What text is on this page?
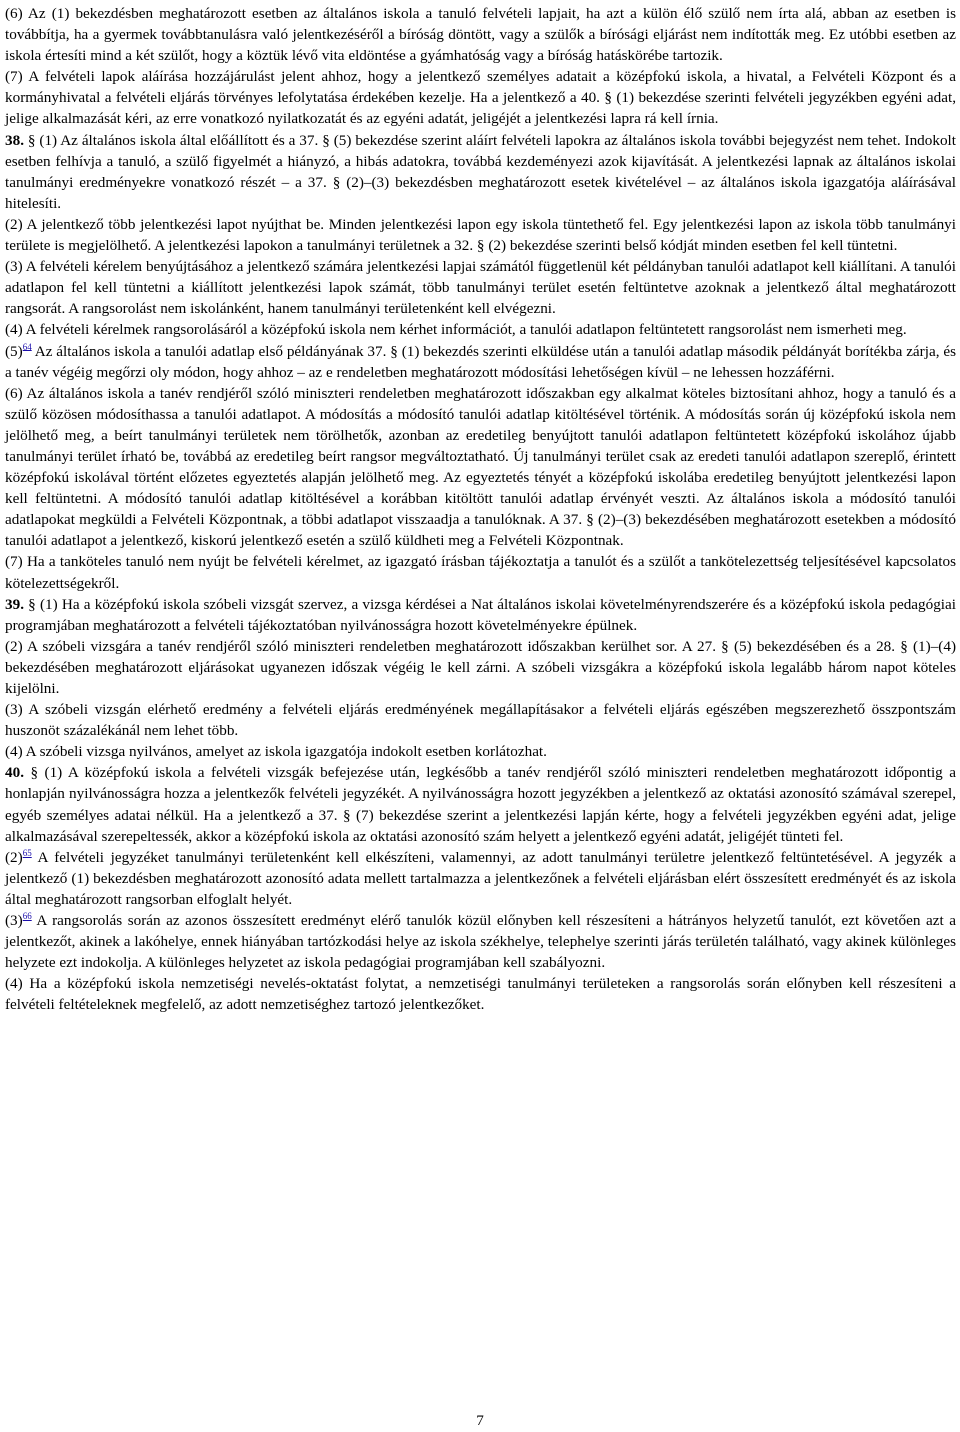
(6) Az (1) bekezdésben meghatározott esetben az általános iskola a tanuló felvételi lapjait, ha azt a külön élő szülő nem írta alá, abban az esetben is továbbítja, ha a gyermek továbbtanulásra való jelentkezéséről a bíróság döntött, vagy a szülők a bírósági eljárást nem indították meg. Ez utóbbi esetben az iskola értesíti mind a két szülőt, hogy a köztük lévő vita eldöntése a gyámhatóság vagy a bíróság hatáskörébe tartozik.

(7) A felvételi lapok aláírása hozzájárulást jelent ahhoz, hogy a jelentkező személyes adatait a középfokú iskola, a hivatal, a Felvételi Központ és a kormányhivatal a felvételi eljárás törvényes lefolytatása érdekében kezelje. Ha a jelentkező a 40. § (1) bekezdése szerinti felvételi jegyzékben egyéni adat, jelige alkalmazását kéri, az erre vonatkozó nyilatkozatát és az egyéni adatát, jeligéjét a jelentkezési lapra rá kell írnia.

38. § (1) Az általános iskola által előállított és a 37. § (5) bekezdése szerint aláírt felvételi lapokra az általános iskola további bejegyzést nem tehet. Indokolt esetben felhívja a tanuló, a szülő figyelmét a hiányzó, a hibás adatokra, továbbá kezdeményezi azok kijavítását. A jelentkezési lapnak az általános iskolai tanulmányi eredményekre vonatkozó részét – a 37. § (2)–(3) bekezdésben meghatározott esetek kivételével – az általános iskola igazgatója aláírásával hitelesíti.

(2) A jelentkező több jelentkezési lapot nyújthat be. Minden jelentkezési lapon egy iskola tüntethető fel. Egy jelentkezési lapon az iskola több tanulmányi területe is megjelölhető. A jelentkezési lapokon a tanulmányi területnek a 32. § (2) bekezdése szerinti belső kódját minden esetben fel kell tüntetni.

(3) A felvételi kérelem benyújtásához a jelentkező számára jelentkezési lapjai számától függetlenül két példányban tanulói adatlapot kell kiállítani. A tanulói adatlapon fel kell tüntetni a kiállított jelentkezési lapok számát, több tanulmányi terület esetén feltüntetve azoknak a jelentkező által meghatározott rangsorát. A rangsorolást nem iskolánként, hanem tanulmányi területenként kell elvégezni.

(4) A felvételi kérelmek rangsorolásáról a középfokú iskola nem kérhet információt, a tanulói adatlapon feltüntetett rangsorolást nem ismerheti meg.

$(5)^{64}$ Az általános iskola a tanulói adatlap első példányának 37. § (1) bekezdés szerinti elküldése után a tanulói adatlap második példányát borítékba zárja, és a tanév végéig megőrzi oly módon, hogy ahhoz – az e rendeletben meghatározott módosítási lehetőségen kívül – ne lehessen hozzáférni.

(6) Az általános iskola a tanév rendjéről szóló miniszteri rendeletben meghatározott időszakban egy alkalmat köteles biztosítani ahhoz, hogy a tanuló és a szülő közösen módosíthassa a tanulói adatlapot. A módosítás a módosító tanulói adatlap kitöltésével történik. A módosítás során új középfokú iskola nem jelölhető meg, a beírt tanulmányi területek nem törölhetők, azonban az eredetileg benyújtott tanulói adatlapon feltüntetett középfokú iskolához újabb tanulmányi terület írható be, továbbá az eredetileg beírt rangsor megváltoztatható. Új tanulmányi terület csak az eredeti tanulói adatlapon szereplő, érintett középfokú iskolával történt előzetes egyeztetés alapján jelölhető meg. Az egyeztetés tényét a középfokú iskolába eredetileg benyújtott jelentkezési lapon kell feltüntetni. A módosító tanulói adatlap kitöltésével a korábban kitöltött tanulói adatlap érvényét veszti. Az általános iskola a módosító tanulói adatlapokat megküldi a Felvételi Központnak, a többi adatlapot visszaadja a tanulóknak. A 37. § (2)–(3) bekezdésében meghatározott esetekben a módosító tanulói adatlapot a jelentkező, kiskorú jelentkező esetén a szülő küldheti meg a Felvételi Központnak.

(7) Ha a tanköteles tanuló nem nyújt be felvételi kérelmet, az igazgató írásban tájékoztatja a tanulót és a szülőt a tankötelezettség teljesítésével kapcsolatos kötelezettségekről.

39. § (1) Ha a középfokú iskola szóbeli vizsgát szervez, a vizsga kérdései a Nat általános iskolai követelményrendszerére és a középfokú iskola pedagógiai programjában meghatározott a felvételi tájékoztatóban nyilvánosságra hozott követelményekre épülnek.

(2) A szóbeli vizsgára a tanév rendjéről szóló miniszteri rendeletben meghatározott időszakban kerülhet sor. A 27. § (5) bekezdésében és a 28. § (1)–(4) bekezdésében meghatározott eljárásokat ugyanezen időszak végéig le kell zárni. A szóbeli vizsgákra a középfokú iskola legalább három napot köteles kijelölni.

(3) A szóbeli vizsgán elérhető eredmény a felvételi eljárás eredményének megállapításakor a felvételi eljárás egészében megszerezhető összpontszám huszonöt százalékánál nem lehet több.

(4) A szóbeli vizsga nyilvános, amelyet az iskola igazgatója indokolt esetben korlátozhat.

40. § (1) A középfokú iskola a felvételi vizsgák befejezése után, legkésőbb a tanév rendjéről szóló miniszteri rendeletben meghatározott időpontig a honlapján nyilvánosságra hozza a jelentkezők felvételi jegyzékét. A nyilvánosságra hozott jegyzékben a jelentkező az oktatási azonosító számával szerepel, egyéb személyes adatai nélkül. Ha a jelentkező a 37. § (7) bekezdése szerint a jelentkezési lapján kérte, hogy a felvételi jegyzékben egyéni adat, jelige alkalmazásával szerepeltessék, akkor a középfokú iskola az oktatási azonosító szám helyett a jelentkező egyéni adatát, jeligéjét tünteti fel.

$(2)^{65}$ A felvételi jegyzéket tanulmányi területenként kell elkészíteni, valamennyi, az adott tanulmányi területre jelentkező feltüntetésével. A jegyzék a jelentkező (1) bekezdésben meghatározott azonosító adata mellett tartalmazza a jelentkezőnek a felvételi eljárásban elért összesített eredményét és az iskola által meghatározott rangsorban elfoglalt helyét.

$(3)^{66}$ A rangsorolás során az azonos összesített eredményt elérő tanulók közül előnyben kell részesíteni a hátrányos helyzetű tanulót, ezt követően azt a jelentkezőt, akinek a lakóhelye, ennek hiányában tartózkodási helye az iskola székhelye, telephelye szerinti járás területén található, vagy akinek különleges helyzete ezt indokolja. A különleges helyzetet az iskola pedagógiai programjában kell szabályozni.

(4) Ha a középfokú iskola nemzetiségi nevelés-oktatást folytat, a nemzetiségi tanulmányi területeken a rangsorolás során előnyben kell részesíteni a felvételi feltételeknek megfelelő, az adott nemzetiséghez tartozó jelentkezőket.

7
